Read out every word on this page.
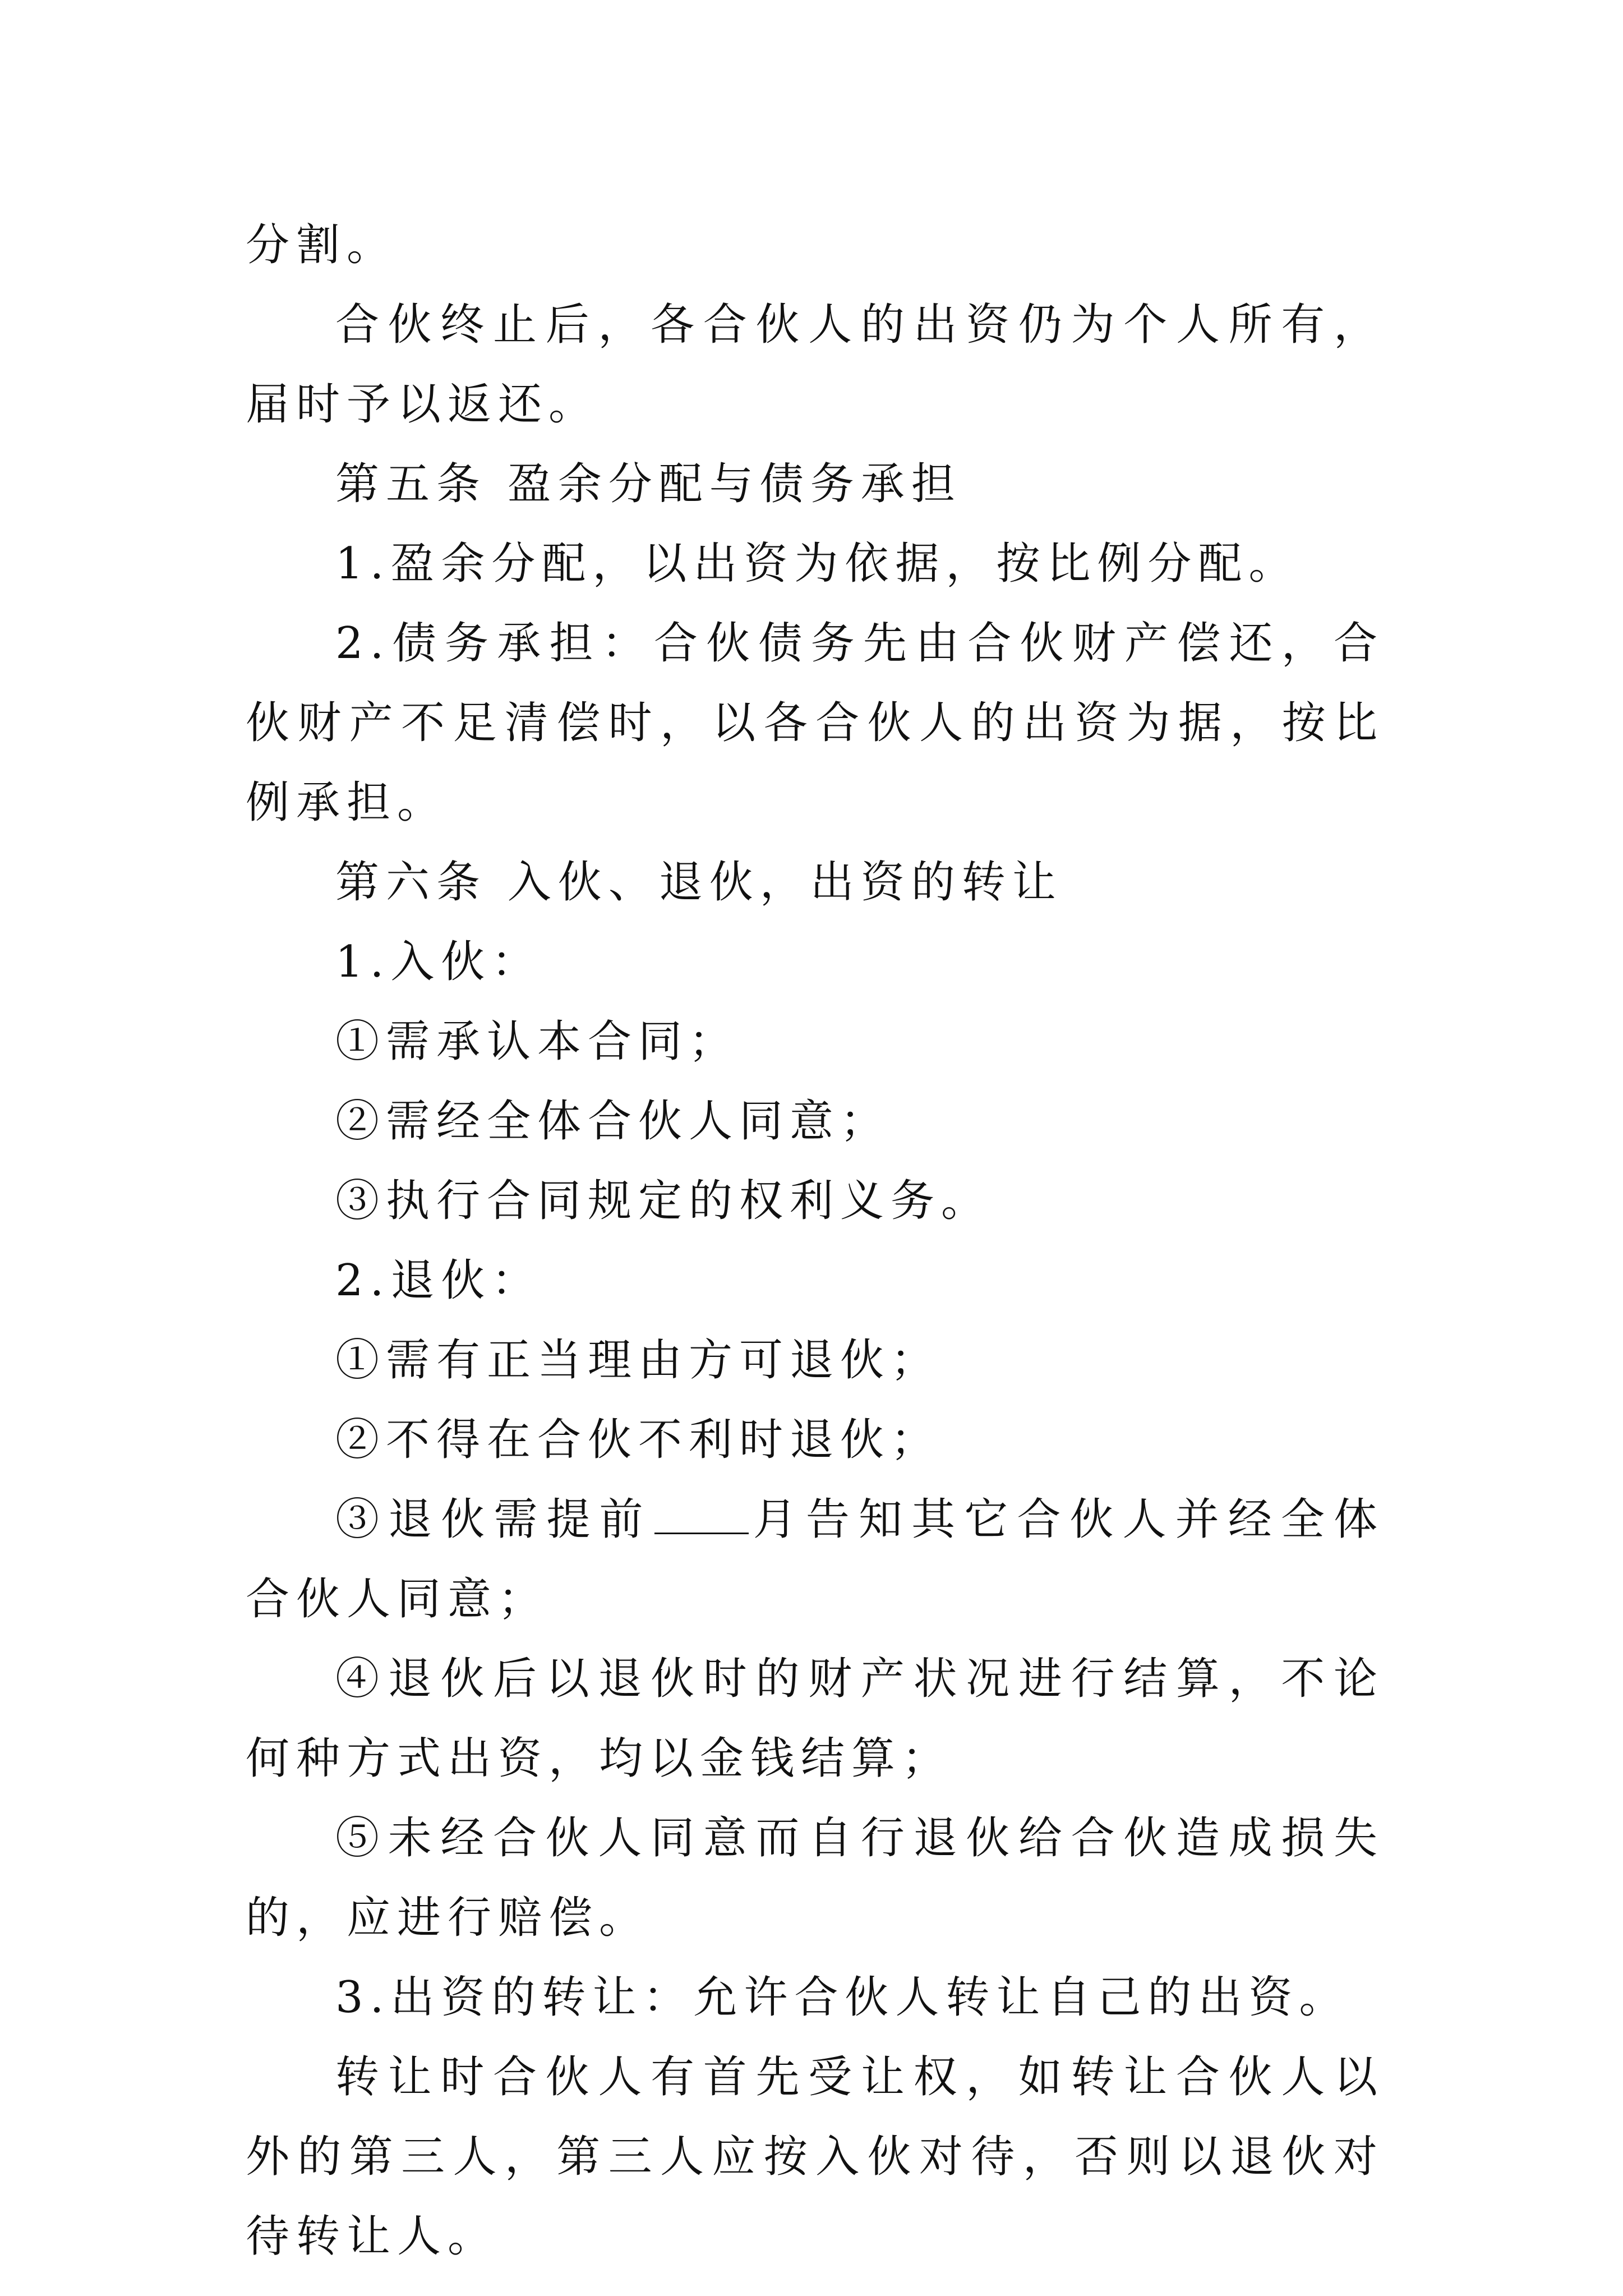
分割。

合伙终止后，各合伙人的出资仍为个人所有，届时予以返还。

第五条 盈余分配与债务承担

1.盈余分配，以出资为依据，按比例分配。

2.债务承担：合伙债务先由合伙财产偿还，合伙财产不足清偿时，以各合伙人的出资为据，按比例承担。

第六条 入伙、退伙，出资的转让

1.入伙：

①需承认本合同；

②需经全体合伙人同意；

③执行合同规定的权利义务。

2.退伙：

①需有正当理由方可退伙；

②不得在合伙不利时退伙；

③退伙需提前 月告知其它合伙人并经全体合伙人同意；

④退伙后以退伙时的财产状况进行结算，不论何种方式出资，均以金钱结算；

⑤未经合伙人同意而自行退伙给合伙造成损失的，应进行赔偿。

3.出资的转让：允许合伙人转让自己的出资。

转让时合伙人有首先受让权，如转让合伙人以外的第三人，第三人应按入伙对待，否则以退伙对待转让人。
